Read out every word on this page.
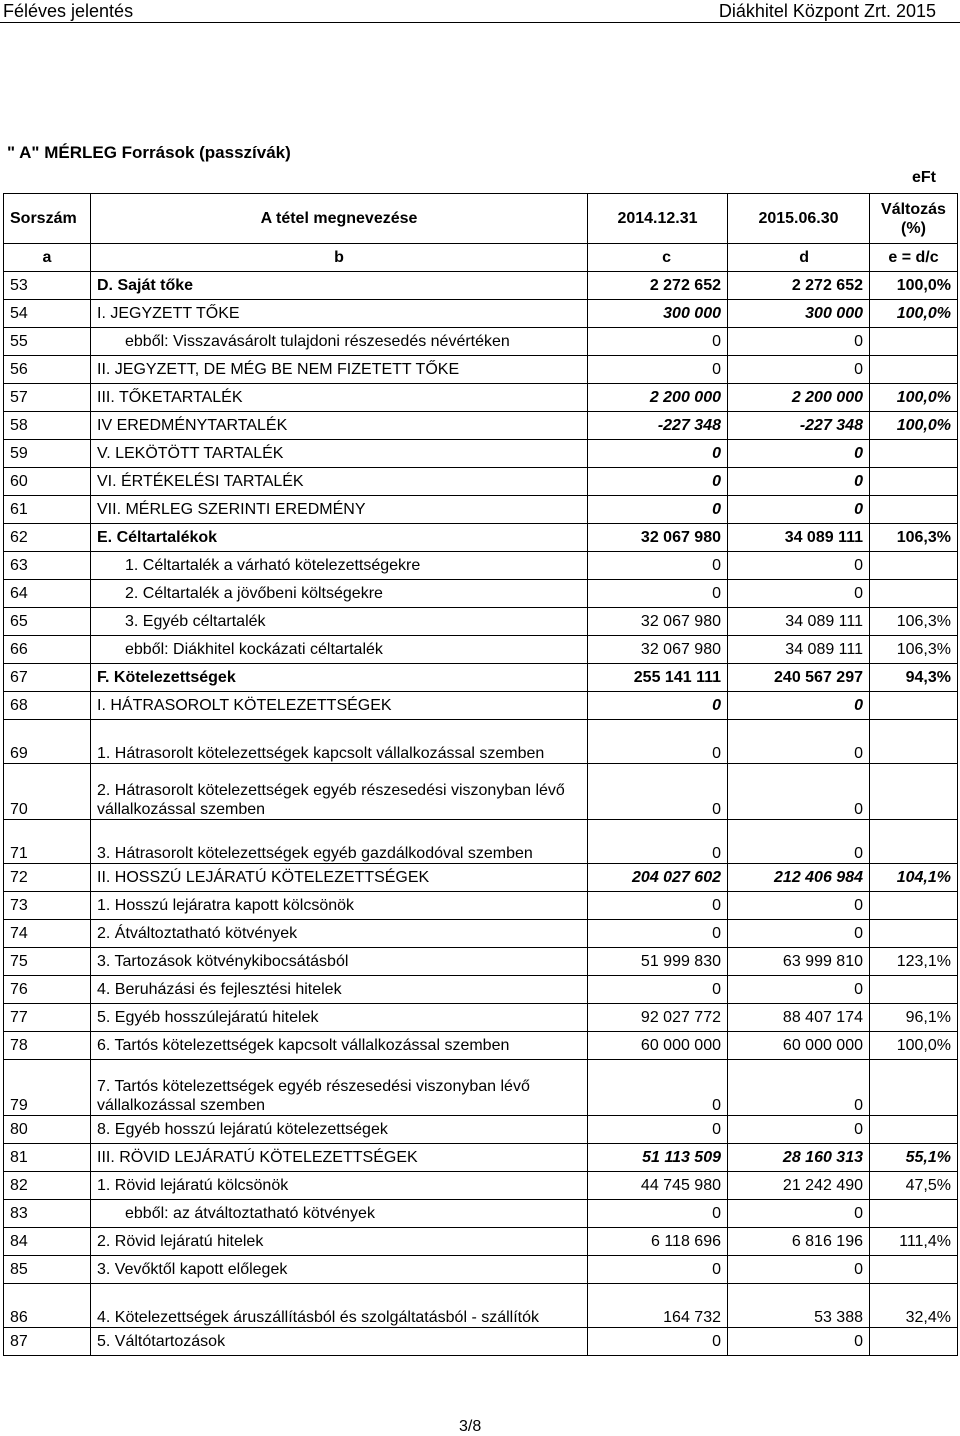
Féléves jelentés	Diákhitel Központ Zrt. 2015
" A" MÉRLEG Források (passzívák)
eFt
Sorszám	A tétel megnevezése	2014.12.31	2015.06.30	Változás (%)
a	b	c	d	e = d/c
53	D. Saját tőke	2 272 652	2 272 652	100,0%
54	I. JEGYZETT TŐKE	300 000	300 000	100,0%
55	ebből: Visszavásárolt tulajdoni részesedés névértéken	0	0	
56	II. JEGYZETT, DE MÉG BE NEM FIZETETT TŐKE	0	0	
57	III. TŐKETARTALÉK	2 200 000	2 200 000	100,0%
58	IV EREDMÉNYTARTALÉK	-227 348	-227 348	100,0%
59	V. LEKÖTÖTT TARTALÉK	0	0	
60	VI. ÉRTÉKELÉSI TARTALÉK	0	0	
61	VII. MÉRLEG SZERINTI EREDMÉNY	0	0	
62	E. Céltartalékok	32 067 980	34 089 111	106,3%
63	1. Céltartalék a várható kötelezettségekre	0	0	
64	2. Céltartalék a jövőbeni költségekre	0	0	
65	3. Egyéb céltartalék	32 067 980	34 089 111	106,3%
66	ebből: Diákhitel kockázati céltartalék	32 067 980	34 089 111	106,3%
67	F. Kötelezettségek	255 141 111	240 567 297	94,3%
68	I. HÁTRASOROLT KÖTELEZETTSÉGEK	0	0	
69	1. Hátrasorolt kötelezettségek kapcsolt vállalkozással szemben	0	0	
70	2. Hátrasorolt kötelezettségek egyéb részesedési viszonyban lévő vállalkozással szemben	0	0	
71	3. Hátrasorolt kötelezettségek egyéb gazdálkodóval szemben	0	0	
72	II. HOSSZÚ LEJÁRATÚ KÖTELEZETTSÉGEK	204 027 602	212 406 984	104,1%
73	1. Hosszú lejáratra kapott kölcsönök	0	0	
74	2. Átváltoztatható kötvények	0	0	
75	3. Tartozások kötvénykibocsátásból	51 999 830	63 999 810	123,1%
76	4. Beruházási és fejlesztési hitelek	0	0	
77	5. Egyéb hosszúlejáratú hitelek	92 027 772	88 407 174	96,1%
78	6. Tartós kötelezettségek kapcsolt vállalkozással szemben	60 000 000	60 000 000	100,0%
79	7. Tartós kötelezettségek egyéb részesedési viszonyban lévő vállalkozással szemben	0	0	
80	8. Egyéb hosszú lejáratú kötelezettségek	0	0	
81	III. RÖVID LEJÁRATÚ KÖTELEZETTSÉGEK	51 113 509	28 160 313	55,1%
82	1. Rövid lejáratú kölcsönök	44 745 980	21 242 490	47,5%
83	ebből: az átváltoztatható kötvények	0	0	
84	2. Rövid lejáratú hitelek	6 118 696	6 816 196	111,4%
85	3. Vevőktől kapott előlegek	0	0	
86	4. Kötelezettségek áruszállításból és szolgáltatásból - szállítók	164 732	53 388	32,4%
87	5. Váltótartozások	0	0	
3/8
